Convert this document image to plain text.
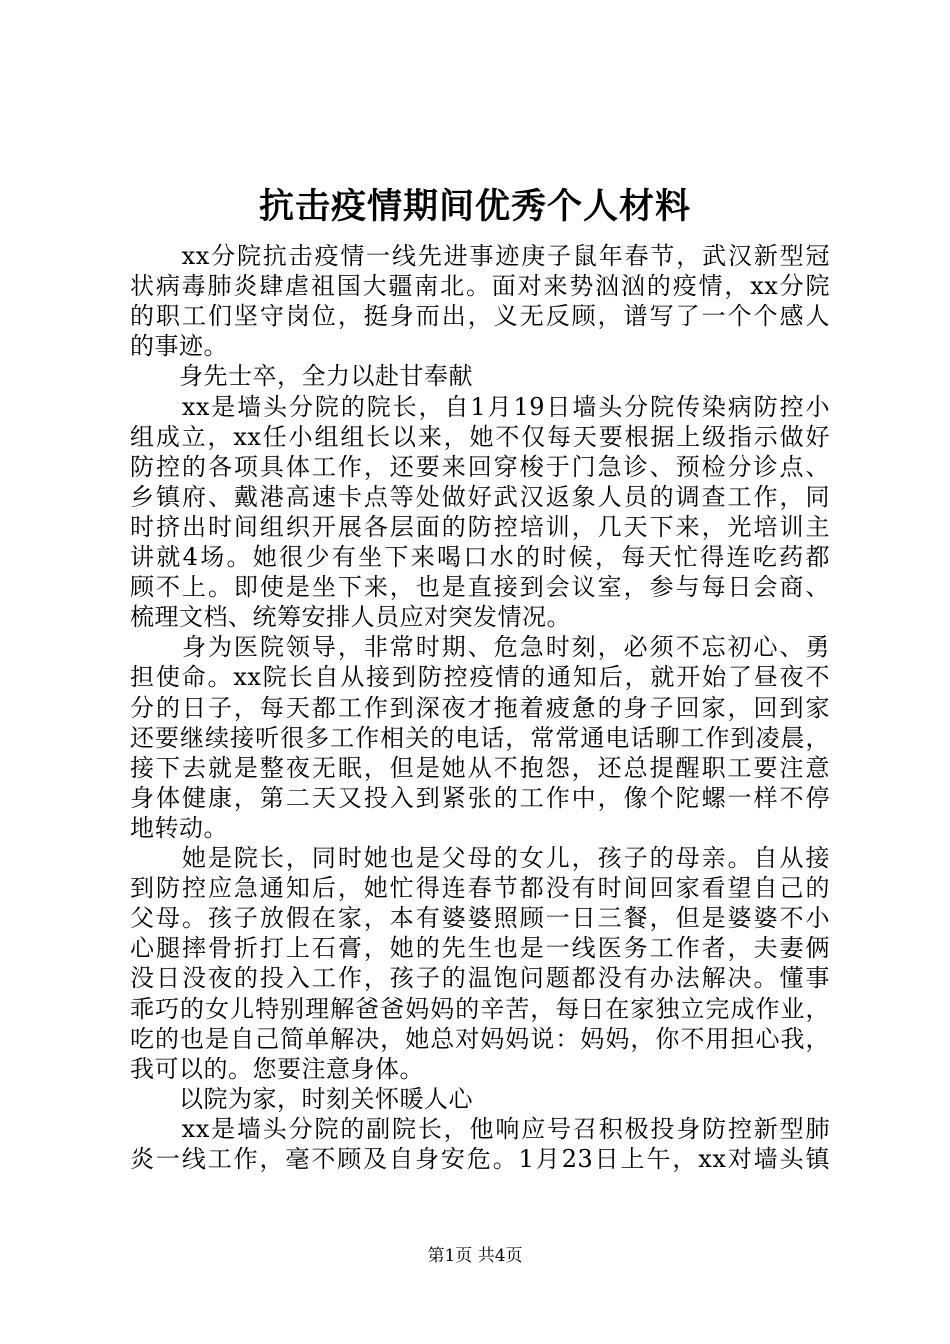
抗击疫情期间优秀个人材料
　　xx分院抗击疫情一线先进事迹庚子鼠年春节，武汉新型冠
状病毒肺炎肆虐祖国大疆南北。面对来势汹汹的疫情，xx分院
的职工们坚守岗位，挺身而出，义无反顾，谱写了一个个感人
的事迹。
　　身先士卒，全力以赴甘奉献
　　xx是墙头分院的院长，自1月19日墙头分院传染病防控小
组成立，xx任小组组长以来，她不仅每天要根据上级指示做好
防控的各项具体工作，还要来回穿梭于门急诊、预检分诊点、
乡镇府、戴港高速卡点等处做好武汉返象人员的调查工作，同
时挤出时间组织开展各层面的防控培训，几天下来，光培训主
讲就4场。她很少有坐下来喝口水的时候，每天忙得连吃药都
顾不上。即使是坐下来，也是直接到会议室，参与每日会商、
梳理文档、统筹安排人员应对突发情况。
　　身为医院领导，非常时期、危急时刻，必须不忘初心、勇
担使命。xx院长自从接到防控疫情的通知后，就开始了昼夜不
分的日子，每天都工作到深夜才拖着疲惫的身子回家，回到家
还要继续接听很多工作相关的电话，常常通电话聊工作到凌晨，
接下去就是整夜无眠，但是她从不抱怨，还总提醒职工要注意
身体健康，第二天又投入到紧张的工作中，像个陀螺一样不停
地转动。
　　她是院长，同时她也是父母的女儿，孩子的母亲。自从接
到防控应急通知后，她忙得连春节都没有时间回家看望自己的
父母。孩子放假在家，本有婆婆照顾一日三餐，但是婆婆不小
心腿摔骨折打上石膏，她的先生也是一线医务工作者，夫妻俩
没日没夜的投入工作，孩子的温饱问题都没有办法解决。懂事
乖巧的女儿特别理解爸爸妈妈的辛苦，每日在家独立完成作业，
吃的也是自己简单解决，她总对妈妈说：妈妈，你不用担心我，
我可以的。您要注意身体。
　　以院为家，时刻关怀暖人心
　　xx是墙头分院的副院长，他响应号召积极投身防控新型肺
炎一线工作，毫不顾及自身安危。1月23日上午，xx对墙头镇
第1页 共4页
